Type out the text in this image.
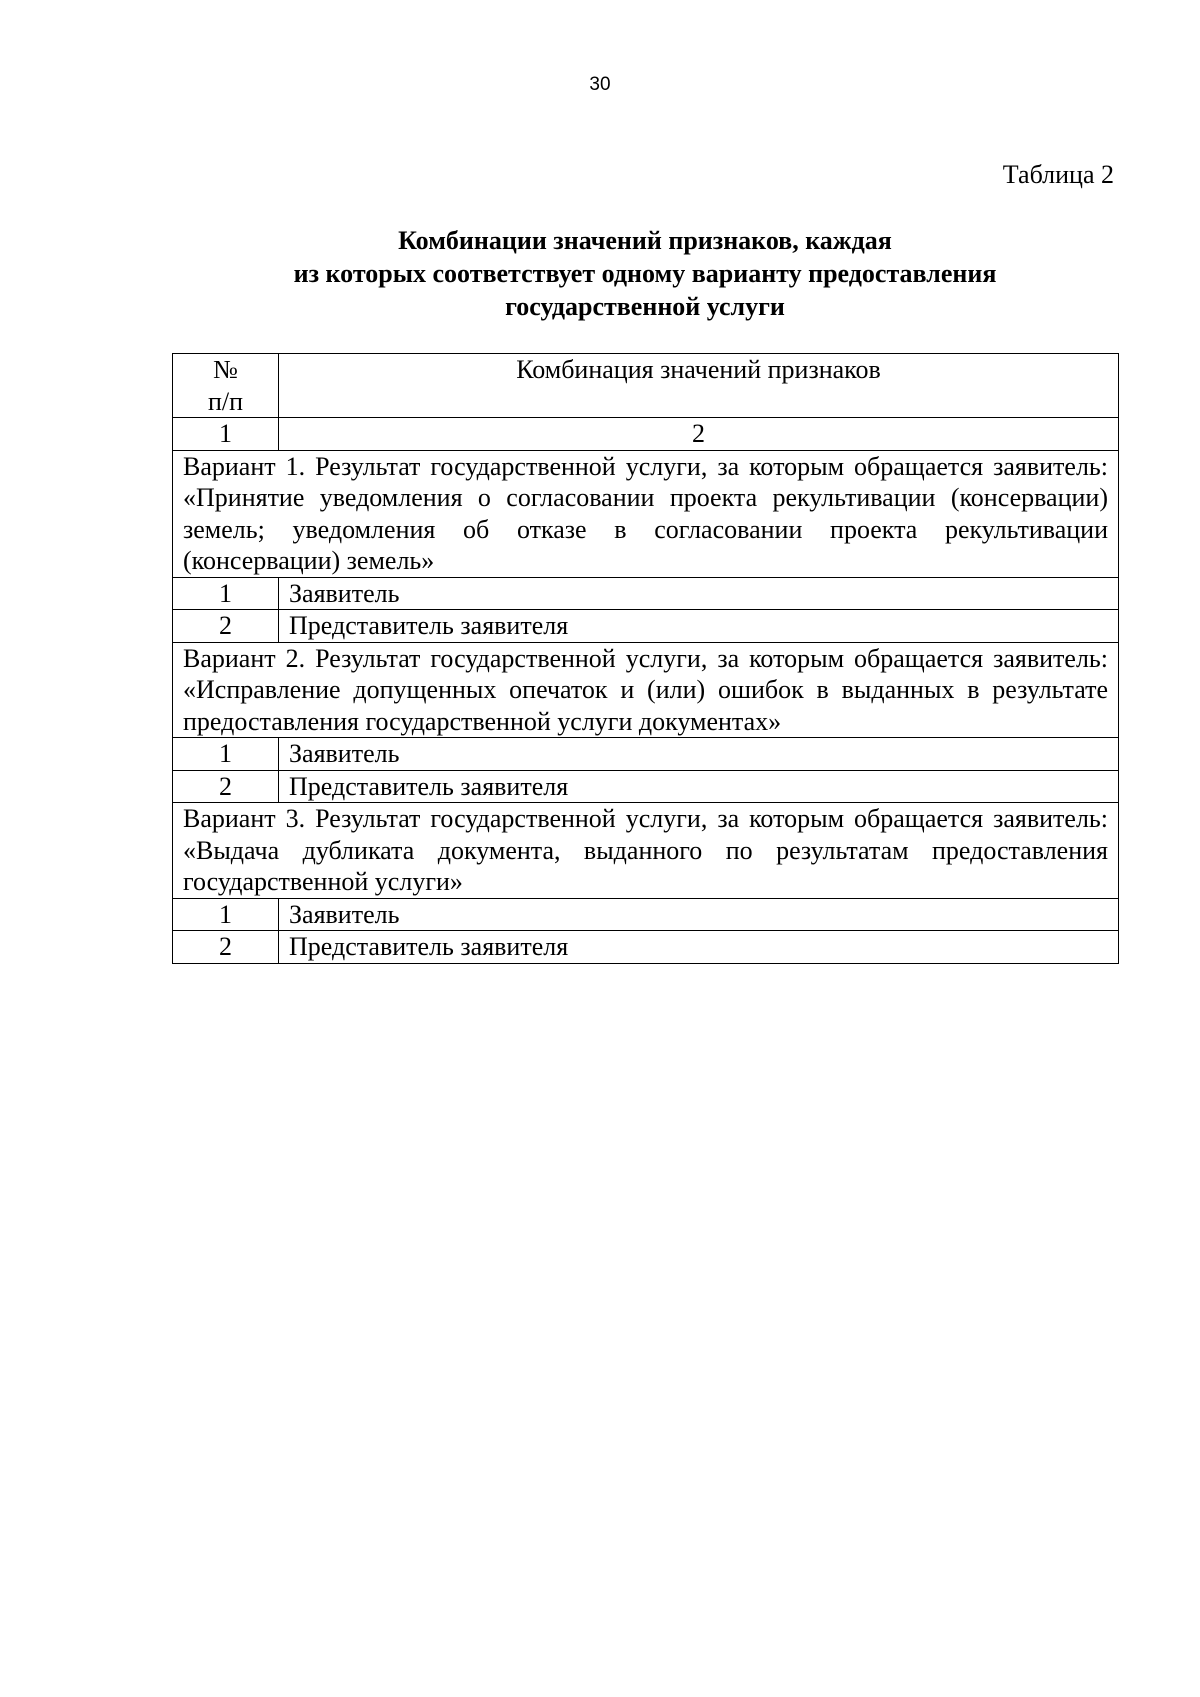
30
Таблица 2
Комбинации значений признаков, каждая
из которых соответствует одному варианту предоставления
государственной услуги
№
п/п	Комбинация значений признаков
1	2
Вариант 1. Результат государственной услуги, за которым обращается заявитель: «Принятие уведомления о согласовании проекта рекультивации (консервации) земель; уведомления об отказе в согласовании проекта рекультивации (консервации) земель»	
1	Заявитель
2	Представитель заявителя
Вариант 2. Результат государственной услуги, за которым обращается заявитель: «Исправление допущенных опечаток и (или) ошибок в выданных в результате предоставления государственной услуги документах»	
1	Заявитель
2	Представитель заявителя
Вариант 3. Результат государственной услуги, за которым обращается заявитель: «Выдача дубликата документа, выданного по результатам предоставления государственной услуги»	
1	Заявитель
2	Представитель заявителя
